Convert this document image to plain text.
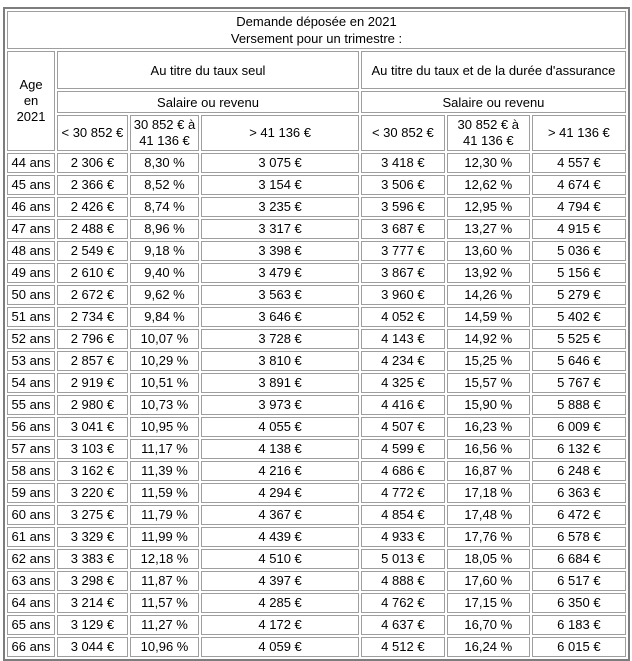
Demande déposée en 2021
Versement pour un trimestre :						

Age
en 2021	Au titre du taux seul			Au titre du taux et de la durée d'assurance		
	Salaire ou revenu			Salaire ou revenu		
	< 30 852 €	30 852 € à
41 136 €	> 41 136 €	< 30 852 €	30 852 € à
41 136 €	> 41 136 €
44 ans	2 306 €	8,30 %	3 075 €	3 418 €	12,30 %	4 557 €
45 ans	2 366 €	8,52 %	3 154 €	3 506 €	12,62 %	4 674 €
46 ans	2 426 €	8,74 %	3 235 €	3 596 €	12,95 %	4 794 €
47 ans	2 488 €	8,96 %	3 317 €	3 687 €	13,27 %	4 915 €
48 ans	2 549 €	9,18 %	3 398 €	3 777 €	13,60 %	5 036 €
49 ans	2 610 €	9,40 %	3 479 €	3 867 €	13,92 %	5 156 €
50 ans	2 672 €	9,62 %	3 563 €	3 960 €	14,26 %	5 279 €
51 ans	2 734 €	9,84 %	3 646 €	4 052 €	14,59 %	5 402 €
52 ans	2 796 €	10,07 %	3 728 €	4 143 €	14,92 %	5 525 €
53 ans	2 857 €	10,29 %	3 810 €	4 234 €	15,25 %	5 646 €
54 ans	2 919 €	10,51 %	3 891 €	4 325 €	15,57 %	5 767 €
55 ans	2 980 €	10,73 %	3 973 €	4 416 €	15,90 %	5 888 €
56 ans	3 041 €	10,95 %	4 055 €	4 507 €	16,23 %	6 009 €
57 ans	3 103 €	11,17 %	4 138 €	4 599 €	16,56 %	6 132 €
58 ans	3 162 €	11,39 %	4 216 €	4 686 €	16,87 %	6 248 €
59 ans	3 220 €	11,59 %	4 294 €	4 772 €	17,18 %	6 363 €
60 ans	3 275 €	11,79 %	4 367 €	4 854 €	17,48 %	6 472 €
61 ans	3 329 €	11,99 %	4 439 €	4 933 €	17,76 %	6 578 €
62 ans	3 383 €	12,18 %	4 510 €	5 013 €	18,05 %	6 684 €
63 ans	3 298 €	11,87 %	4 397 €	4 888 €	17,60 %	6 517 €
64 ans	3 214 €	11,57 %	4 285 €	4 762 €	17,15 %	6 350 €
65 ans	3 129 €	11,27 %	4 172 €	4 637 €	16,70 %	6 183 €
66 ans	3 044 €	10,96 %	4 059 €	4 512 €	16,24 %	6 015 €
